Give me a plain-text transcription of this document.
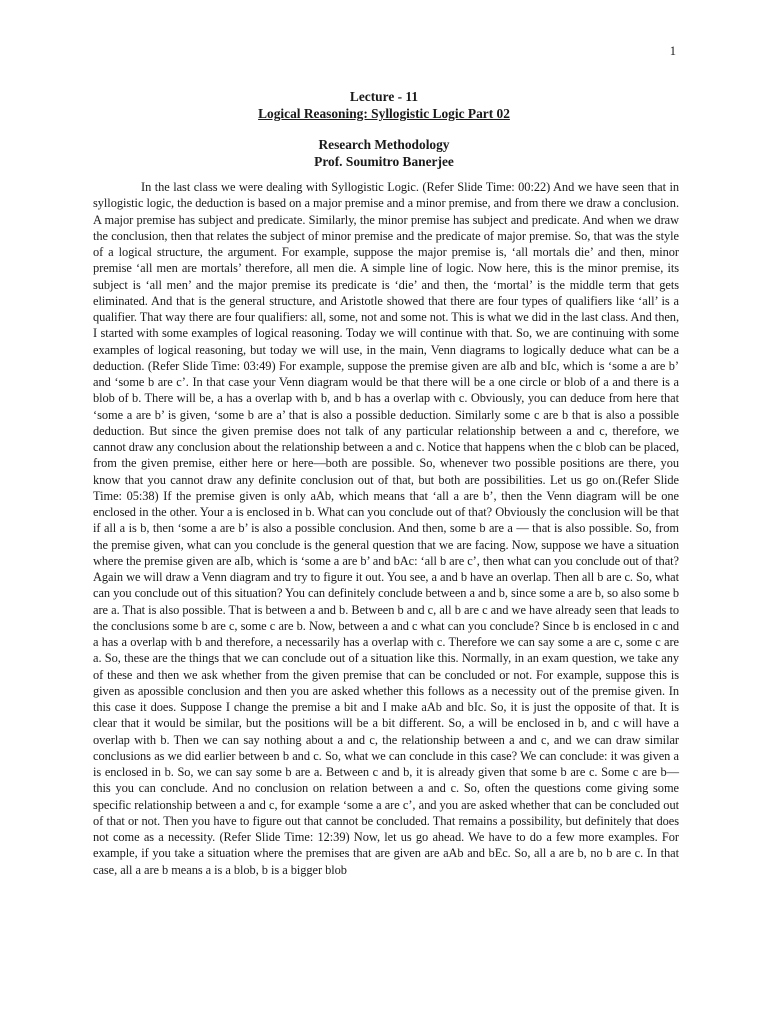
1
Lecture - 11
Logical Reasoning: Syllogistic Logic Part 02
Research Methodology
Prof. Soumitro Banerjee

In the last class we were dealing with Syllogistic Logic. (Refer Slide Time: 00:22) And we have seen that in syllogistic logic, the deduction is based on a major premise and a minor premise, and from there we draw a conclusion. A major premise has subject and predicate. Similarly, the minor premise has subject and predicate. And when we draw the conclusion, then that relates the subject of minor premise and the predicate of major premise. So, that was the style of a logical structure, the argument. For example, suppose the major premise is, ‘all mortals die’ and then, minor premise ‘all men are mortals’ therefore, all men die. A simple line of logic. Now here, this is the minor premise, its subject is ‘all men’ and the major premise its predicate is ‘die’ and then, the ‘mortal’ is the middle term that gets eliminated. And that is the general structure, and Aristotle showed that there are four types of qualifiers like ‘all’ is a qualifier. That way there are four qualifiers: all, some, not and some not. This is what we did in the last class. And then, I started with some examples of logical reasoning. Today we will continue with that. So, we are continuing with some examples of logical reasoning, but today we will use, in the main, Venn diagrams to logically deduce what can be a deduction. (Refer Slide Time: 03:49) For example, suppose the premise given are aIb and bIc, which is ‘some a are b’ and ‘some b are c’. In that case your Venn diagram would be that there will be a one circle or blob of a and there is a blob of b. There will be, a has a overlap with b, and b has a overlap with c. Obviously, you can deduce from here that ‘some a are b’ is given, ‘some b are a’ that is also a possible deduction. Similarly some c are b that is also a possible deduction. But since the given premise does not talk of any particular relationship between a and c, therefore, we cannot draw any conclusion about the relationship between a and c. Notice that happens when the c blob can be placed, from the given premise, either here or here—both are possible. So, whenever two possible positions are there, you know that you cannot draw any definite conclusion out of that, but both are possibilities. Let us go on.(Refer Slide Time: 05:38) If the premise given is only aAb, which means that ‘all a are b’, then the Venn diagram will be one enclosed in the other. Your a is enclosed in b. What can you conclude out of that? Obviously the conclusion will be that if all a is b, then ‘some a are b’ is also a possible conclusion. And then, some b are a — that is also possible. So, from the premise given, what can you conclude is the general question that we are facing. Now, suppose we have a situation where the premise given are aIb, which is ‘some a are b’ and bAc: ‘all b are c’, then what can you conclude out of that? Again we will draw a Venn diagram and try to figure it out. You see, a and b have an overlap. Then all b are c. So, what can you conclude out of this situation? You can definitely conclude between a and b, since some a are b, so also some b are a. That is also possible. That is between a and b. Between b and c, all b are c and we have already seen that leads to the conclusions some b are c, some c are b. Now, between a and c what can you conclude? Since b is enclosed in c and a has a overlap with b and therefore, a necessarily has a overlap with c. Therefore we can say some a are c, some c are a. So, these are the things that we can conclude out of a situation like this. Normally, in an exam question, we take any of these and then we ask whether from the given premise that can be concluded or not. For example, suppose this is given as apossible conclusion and then you are asked whether this follows as a necessity out of the premise given. In this case it does. Suppose I change the premise a bit and I make aAb and bIc. So, it is just the opposite of that. It is clear that it would be similar, but the positions will be a bit different. So, a will be enclosed in b, and c will have a overlap with b. Then we can say nothing about a and c, the relationship between a and c, and we can draw similar conclusions as we did earlier between b and c. So, what we can conclude in this case? We can conclude: it was given a is enclosed in b. So, we can say some b are a. Between c and b, it is already given that some b are c. Some c are b—this you can conclude. And no conclusion on relation between a and c. So, often the questions come giving some specific relationship between a and c, for example ‘some a are c’, and you are asked whether that can be concluded out of that or not. Then you have to figure out that cannot be concluded. That remains a possibility, but definitely that does not come as a necessity. (Refer Slide Time: 12:39) Now, let us go ahead. We have to do a few more examples. For example, if you take a situation where the premises that are given are aAb and bEc. So, all a are b, no b are c. In that case, all a are b means a is a blob, b is a bigger blob
